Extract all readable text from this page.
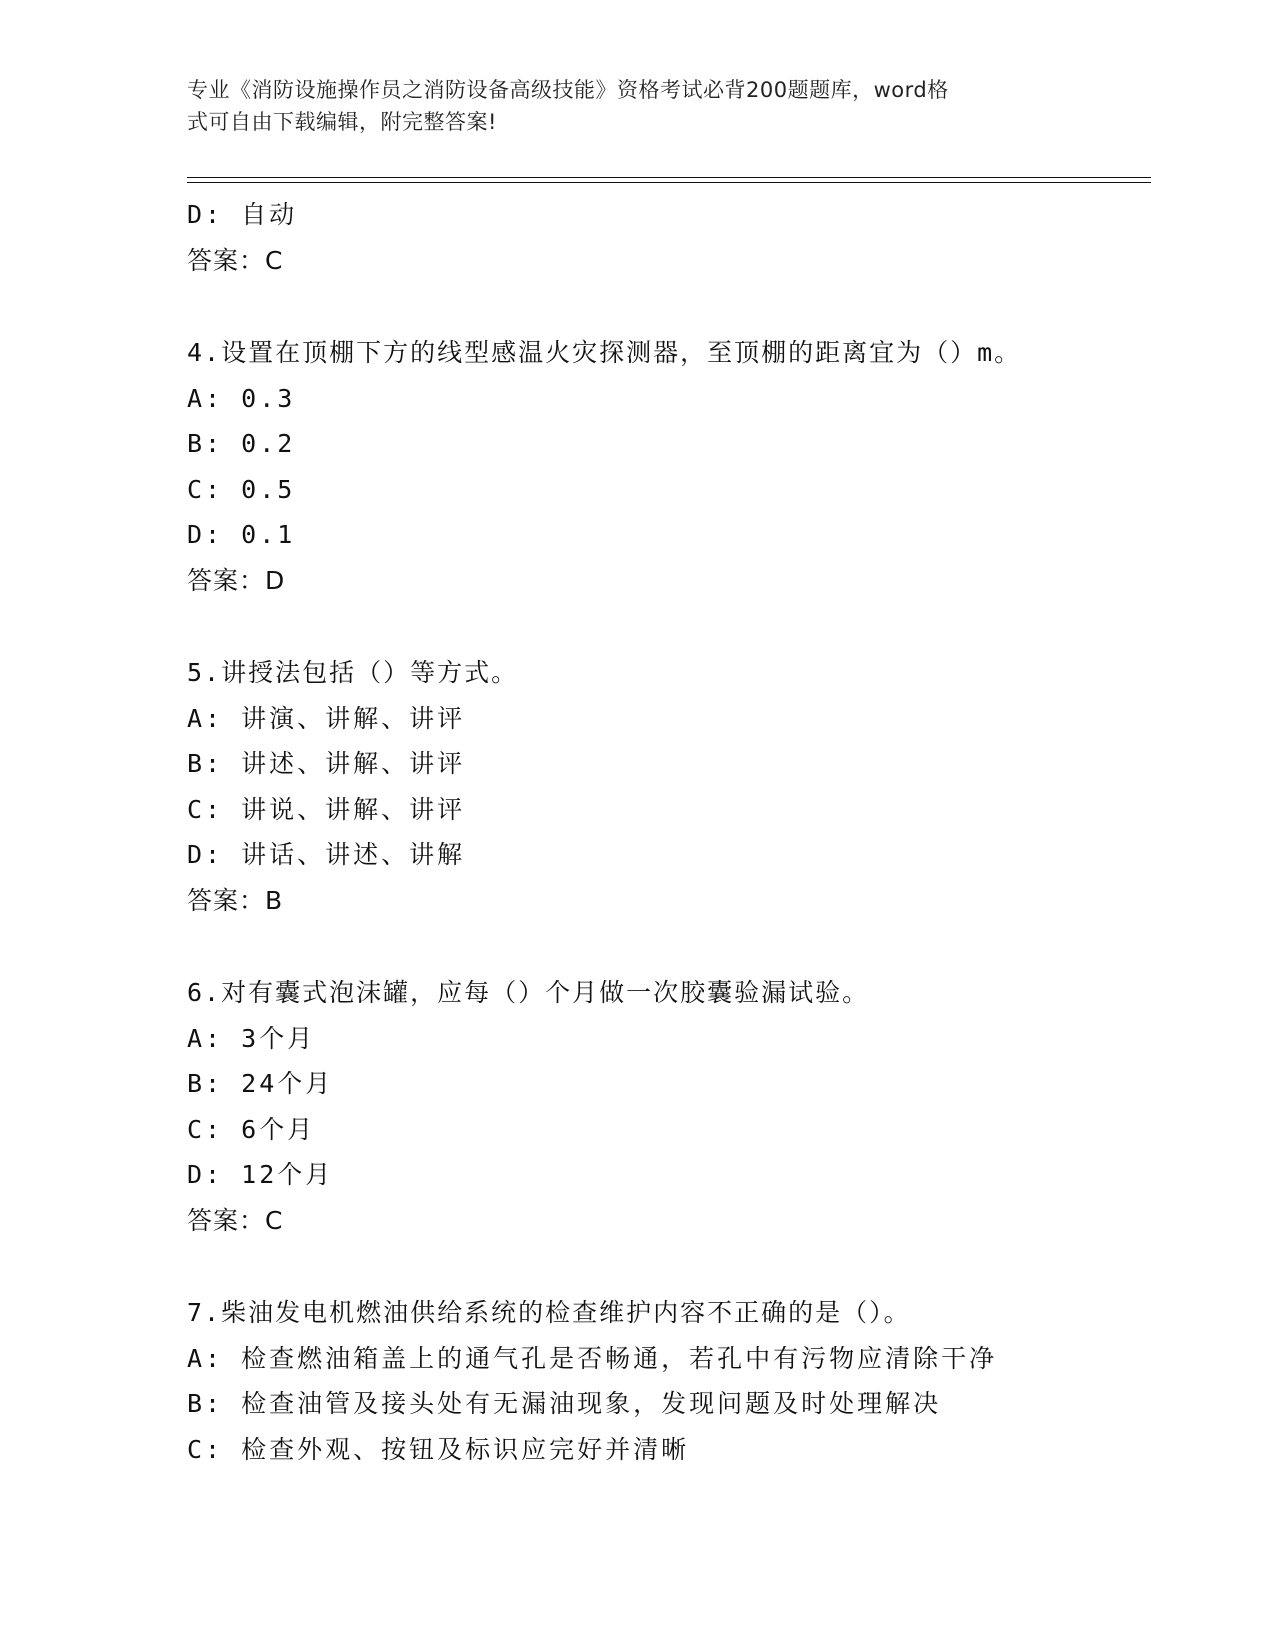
专业《消防设施操作员之消防设备高级技能》资格考试必背200题题库，word格
式可自由下载编辑，附完整答案!
D: 自动
答案：C
4.设置在顶棚下方的线型感温火灾探测器，至顶棚的距离宜为（）m。
A: 0.3
B: 0.2
C: 0.5
D: 0.1
答案：D
5.讲授法包括（）等方式。
A: 讲演、讲解、讲评
B: 讲述、讲解、讲评
C: 讲说、讲解、讲评
D: 讲话、讲述、讲解
答案：B
6.对有囊式泡沫罐，应每（）个月做一次胶囊验漏试验。
A: 3个月
B: 24个月
C: 6个月
D: 12个月
答案：C
7.柴油发电机燃油供给系统的检查维护内容不正确的是（）。
A: 检查燃油箱盖上的通气孔是否畅通，若孔中有污物应清除干净
B: 检查油管及接头处有无漏油现象，发现问题及时处理解决
C: 检查外观、按钮及标识应完好并清晰
